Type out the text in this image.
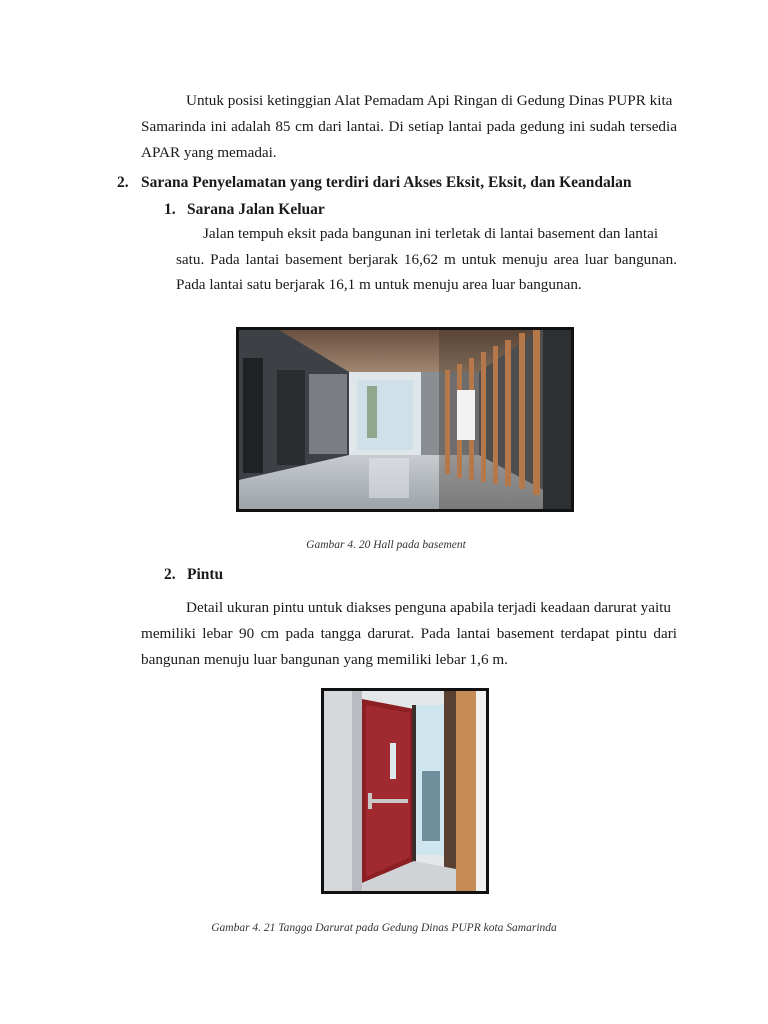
Untuk posisi ketinggian Alat Pemadam Api Ringan di Gedung Dinas PUPR kita

Samarinda ini adalah 85 cm dari lantai. Di setiap lantai pada gedung ini sudah tersedia

APAR yang memadai.

2. Sarana Penyelamatan yang terdiri dari Akses Eksit, Eksit, dan Keandalan
1. Sarana Jalan Keluar

Jalan tempuh eksit pada bangunan ini terletak di lantai basement dan lantai

satu. Pada lantai basement berjarak 16,62 m untuk menuju area luar bangunan.

Pada lantai satu berjarak 16,1 m untuk menuju area luar bangunan.

Gambar 4. 20 Hall pada basement
2. Pintu

Detail ukuran pintu untuk diakses penguna apabila terjadi keadaan darurat yaitu

memiliki lebar 90 cm pada tangga darurat. Pada lantai basement terdapat pintu dari

bangunan menuju luar bangunan yang memiliki lebar 1,6 m.

Gambar 4. 21 Tangga Darurat pada Gedung Dinas PUPR kota Samarinda
